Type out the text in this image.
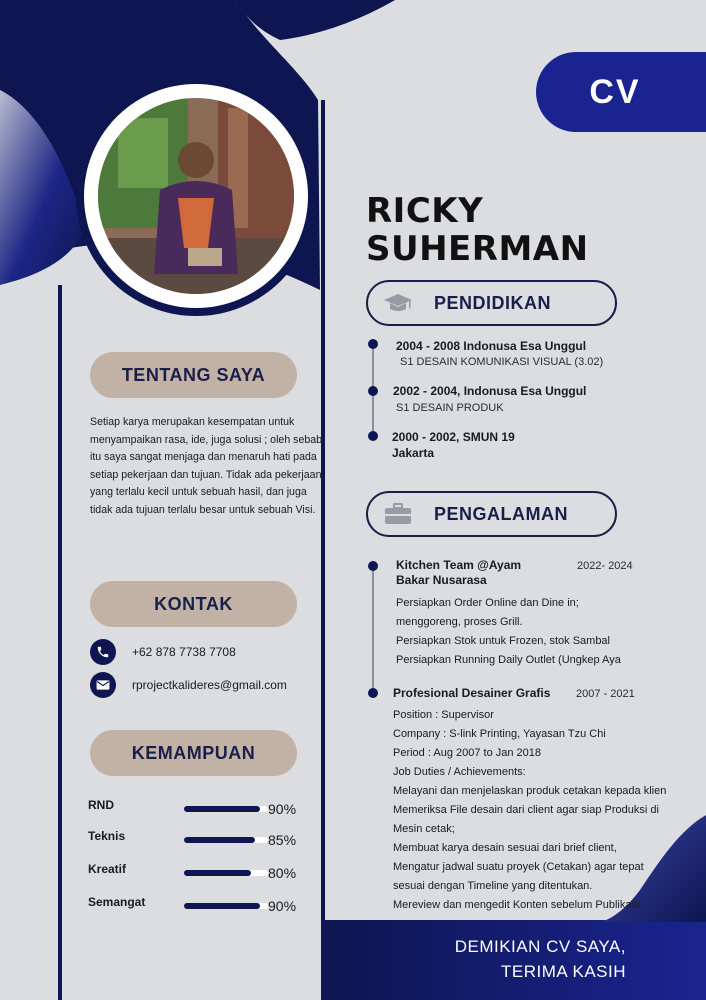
CV
RICKY
SUHERMAN
TENTANG SAYA
Setiap karya merupakan kesempatan untuk menyampaikan rasa, ide, juga solusi ; oleh sebab itu saya sangat menjaga dan menaruh hati pada setiap pekerjaan dan tujuan. Tidak ada pekerjaan yang terlalu kecil untuk sebuah hasil, dan juga tidak ada tujuan terlalu besar untuk sebuah Visi.
KONTAK
+62 878 7738 7708
rprojectkalideres@gmail.com
KEMAMPUAN
RND	90%
Teknis	85%
Kreatif	80%
Semangat	90%
PENDIDIKAN
2004 - 2008 Indonusa Esa Unggul
S1 DESAIN KOMUNIKASI VISUAL (3.02)
2002 - 2004, Indonusa Esa Unggul
S1 DESAIN PRODUK
2000 - 2002, SMUN 19
Jakarta
PENGALAMAN
Kitchen Team @Ayam
Bakar Nusarasa
2022- 2024
Persiapkan Order Online dan Dine in;
menggoreng, proses Grill.
Persiapkan Stok untuk Frozen, stok Sambal
Persiapkan Running Daily Outlet (Ungkep Aya
Profesional Desainer Grafis 2007 - 2021
Position : Supervisor
Company : S-link Printing, Yayasan Tzu Chi
Period : Aug 2007 to Jan 2018
Job Duties / Achievements:
Melayani dan menjelaskan produk cetakan kepada klien
Memeriksa File desain dari client agar siap Produksi di
Mesin cetak;
Membuat karya desain sesuai dari brief client,
Mengatur jadwal suatu proyek (Cetakan) agar tepat
sesuai dengan Timeline yang ditentukan.
Mereview dan mengedit Konten sebelum Publikasi
DEMIKIAN CV SAYA,
TERIMA KASIH
